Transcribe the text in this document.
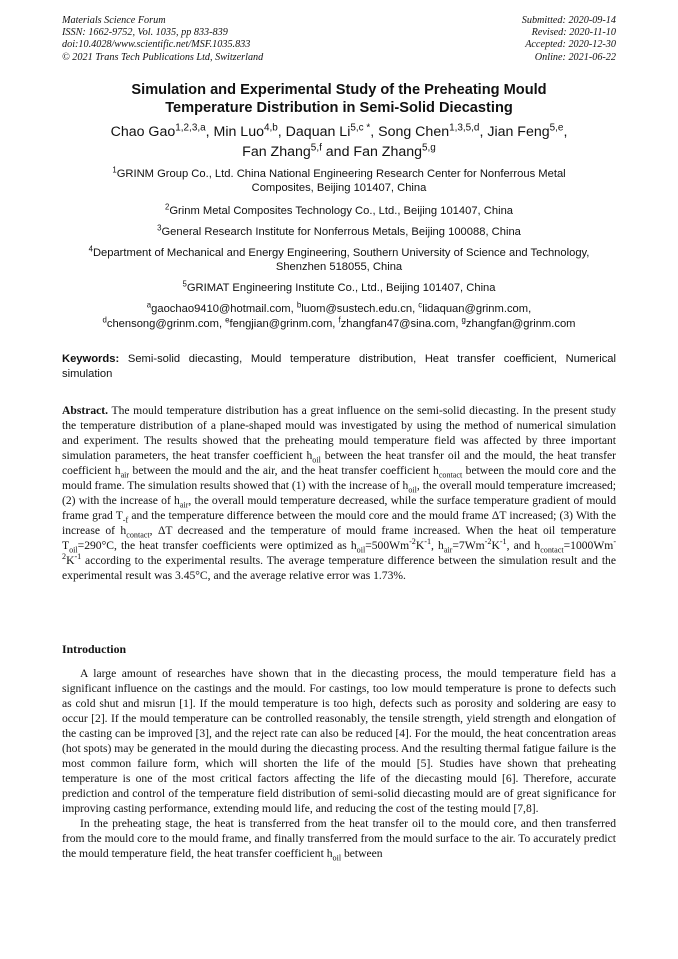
Materials Science Forum
ISSN: 1662-9752, Vol. 1035, pp 833-839
doi:10.4028/www.scientific.net/MSF.1035.833
© 2021 Trans Tech Publications Ltd, Switzerland
Submitted: 2020-09-14
Revised: 2020-11-10
Accepted: 2020-12-30
Online: 2021-06-22
Simulation and Experimental Study of the Preheating Mould
Temperature Distribution in Semi-Solid Diecasting
Chao Gao$^{1,2,3,a}$, Min Luo$^{4,b}$, Daquan $Li^{5,c *}$, Song Chen$^{1,3,5,d}$, Jian Feng$^{5,e}$,
Fan Zhang$^{5,f}$ and Fan Zhang$^{5,g}$
$^1$GRINM Group Co., Ltd. China National Engineering Research Center for Nonferrous Metal Composites, Beijing 101407, China
$^2$Grinm Metal Composites Technology Co., Ltd., Beijing 101407, China
$^3$General Research Institute for Nonferrous Metals, Beijing 100088, China
$^4$Department of Mechanical and Energy Engineering, Southern University of Science and Technology, Shenzhen 518055, China
$^5$GRIMAT Engineering Institute Co., Ltd., Beijing 101407, China
$^a$gaochao9410@hotmail.com, $^b$luom@sustech.edu.cn, $^c$lidaquan@grinm.com,
$^d$chensong@grinm.com, $^e$fengjian@grinm.com, $^f$zhangfan47@sina.com, $^g$zhangfan@grinm.com
Keywords: Semi-solid diecasting, Mould temperature distribution, Heat transfer coefficient, Numerical simulation
Abstract. The mould temperature distribution has a great influence on the semi-solid diecasting. In the present study the temperature distribution of a plane-shaped mould was investigated by using the method of numerical simulation and experiment. The results showed that the preheating mould temperature field was affected by three important simulation parameters, the heat transfer coefficient $h_{oil}$ between the heat transfer oil and the mould, the heat transfer coefficient $h_{air}$ between the mould and the air, and the heat transfer coefficient $h_{contact}$ between the mould core and the mould frame. The simulation results showed that (1) with the increase of $h_{oil}$, the overall mould temperature imcreased; (2) with the increase of $h_{air}$, the overall mould temperature decreased, while the surface temperature gradient of mould frame grad $T_{-f}$ and the temperature difference between the mould core and the mould frame ΔT increased; (3) With the increase of $h_{contact}$, ΔT decreased and the temperature of mould frame increased. When the heat oil temperature $T_{oil}=290^\circ C$, the heat transfer coefficients were optimized as $h_{oil}=500Wm^{-2}K^{-1}$, $h_{air}=7Wm^{-2}K^{-1}$, and $h_{contact}=1000Wm^{-2}K^{-1}$ according to the experimental results. The average temperature difference between the simulation result and the experimental result was 3.45°C, and the average relative error was 1.73%.
Introduction

A large amount of researches have shown that in the diecasting process, the mould temperature field has a significant influence on the castings and the mould. For castings, too low mould temperature is prone to defects such as cold shut and misrun [1]. If the mould temperature is too high, defects such as porosity and soldering are easy to occur [2]. If the mould temperature can be controlled reasonably, the tensile strength, yield strength and elongation of the casting can be improved [3], and the reject rate can also be reduced [4]. For the mould, the heat concentration areas (hot spots) may be generated in the mould during the diecasting process. And the resulting thermal fatigue failure is the most common failure form, which will shorten the life of the mould [5]. Studies have shown that preheating temperature is one of the most critical factors affecting the life of the diecasting mould [6]. Therefore, accurate prediction and control of the temperature field distribution of semi-solid diecasting mould are of great significance for improving casting performance, extending mould life, and reducing the cost of the testing mould [7,8].

In the preheating stage, the heat is transferred from the heat transfer oil to the mould core, and then transferred from the mould core to the mould frame, and finally transferred from the mould surface to the air. To accurately predict the mould temperature field, the heat transfer coefficient $h_{oil}$ between
